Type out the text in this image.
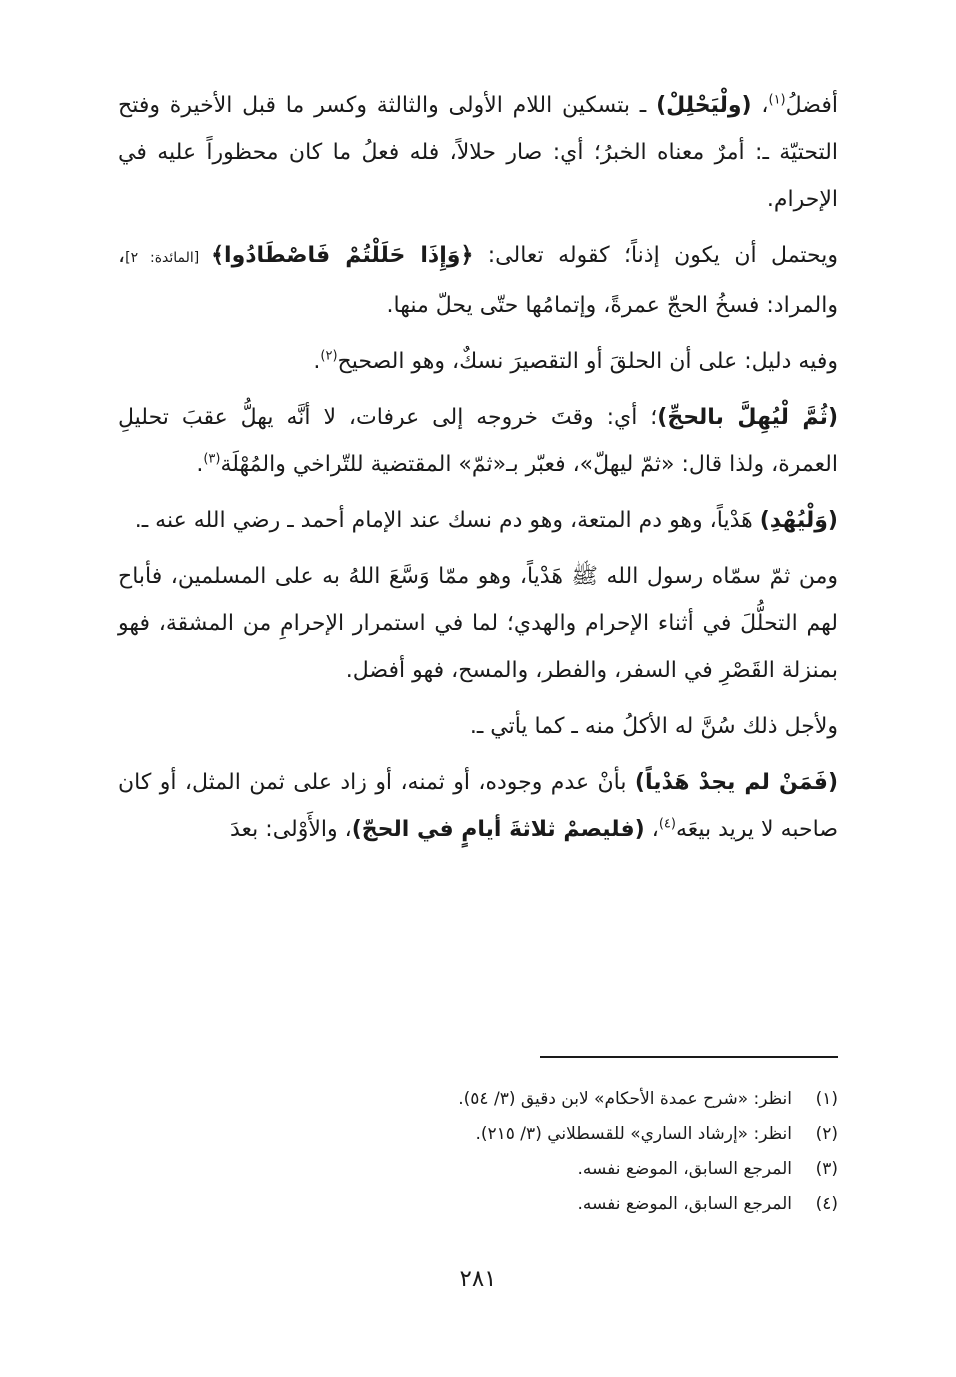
أفضلُ$^{(١)}$، (ولْيَحْلِلْ) ـ بتسكين اللام الأولى والثالثة وكسر ما قبل الأخيرة وفتح التحتيّة ـ: أمرٌ معناه الخبرُ؛ أي: صار حلالاً، فله فعلُ ما كان محظوراً عليه في الإحرام.

ويحتمل أن يكون إذناً؛ كقوله تعالى: ﴿وَإِذَا حَلَلْتُمْ فَاصْطَادُوا﴾ [المائدة: ٢]، والمراد: فسخُ الحجّ عمرةً، وإتمامُها حتّى يحلّ منها.

وفيه دليل: على أن الحلقَ أو التقصيرَ نسكٌ، وهو الصحيح$^{(٢)}$.

(ثُمَّ لْيُهِلَّ بالحجِّ)؛ أي: وقتَ خروجه إلى عرفات، لا أنَّه يهلُّ عقبَ تحليلِ العمرة، ولذا قال: «ثمّ ليهلّ»، فعبّر بـ«ثمّ» المقتضية للتّراخي والمُهْلَة$^{(٣)}$.

(وَلْيُهْدِ) هَدْياً، وهو دم المتعة، وهو دم نسك عند الإمام أحمد ـ رضي الله عنه ـ.

ومن ثمّ سمّاه رسول الله ﷺ هَدْياً، وهو ممّا وَسَّعَ اللهُ به على المسلمين، فأباح لهم التحلُّلَ في أثناء الإحرام والهدي؛ لما في استمرار الإحرامِ من المشقة، فهو بمنزلة القَصْرِ في السفر، والفطر، والمسح، فهو أفضل.

ولأجل ذلك سُنَّ له الأكلُ منه ـ كما يأتي ـ.

(فَمَنْ لم يجدْ هَدْياً) بأنْ عدم وجوده، أو ثمنه، أو زاد على ثمن المثل، أو كان صاحبه لا يريد بيعَه$^{(٤)}$، (فليصمْ ثلاثةَ أيامٍ في الحجّ)، والأَوْلى: بعدَ

(١)
انظر: «شرح عمدة الأحكام» لابن دقيق (٣/ ٥٤).
(٢)
انظر: «إرشاد الساري» للقسطلاني (٣/ ٢١٥).
(٣)
المرجع السابق، الموضع نفسه.
(٤)
المرجع السابق، الموضع نفسه.
٢٨١
